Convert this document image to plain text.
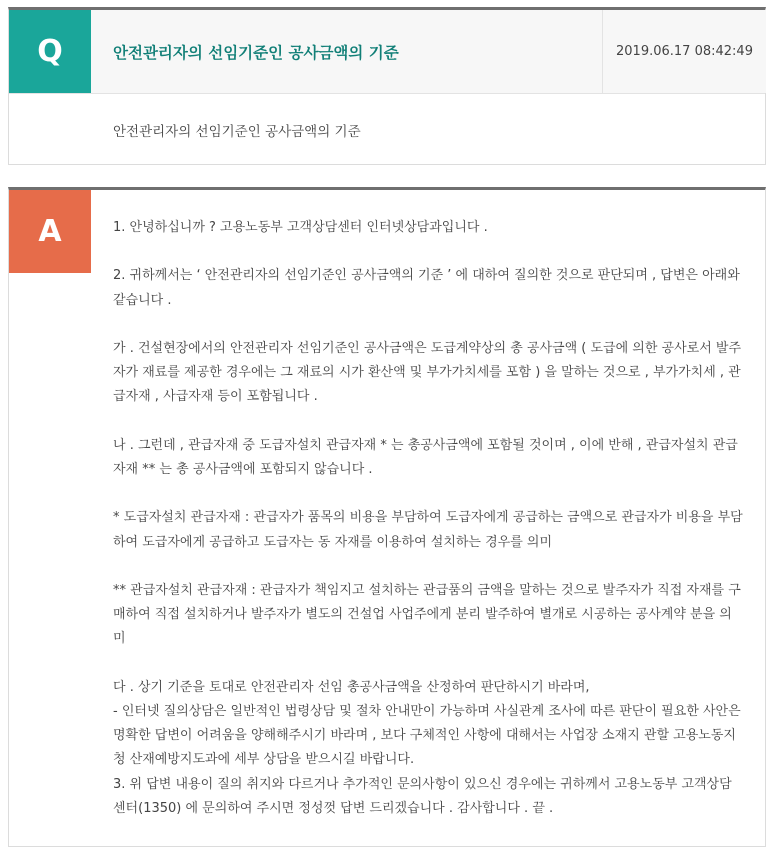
Q	안전관리자의 선임기준인 공사금액의 기준	2019.06.17 08:42:49
안전관리자의 선임기준인 공사금액의 기준
A	1. 안녕하십니까 ? 고용노동부 고객상담센터 인터넷상담과입니다 .

2. 귀하께서는 ‘ 안전관리자의 선임기준인 공사금액의 기준 ’ 에 대하여 질의한 것으로 판단되며 , 답변은 아래와 같습니다 .

가 . 건설현장에서의 안전관리자 선임기준인 공사금액은 도급계약상의 총 공사금액 ( 도급에 의한 공사로서 발주자가 재료를 제공한 경우에는 그 재료의 시가 환산액 및 부가가치세를 포함 ) 을 말하는 것으로 , 부가가치세 , 관급자재 , 사급자재 등이 포함됩니다 .

나 . 그런데 , 관급자재 중 도급자설치 관급자재 * 는 총공사금액에 포함될 것이며 , 이에 반해 , 관급자설치 관급자재 ** 는 총 공사금액에 포함되지 않습니다 .

* 도급자설치 관급자재 : 관급자가 품목의 비용을 부담하여 도급자에게 공급하는 금액으로 관급자가 비용을 부담하여 도급자에게 공급하고 도급자는 동 자재를 이용하여 설치하는 경우를 의미

** 관급자설치 관급자재 : 관급자가 책임지고 설치하는 관급품의 금액을 말하는 것으로 발주자가 직접 자재를 구매하여 직접 설치하거나 발주자가 별도의 건설업 사업주에게 분리 발주하여 별개로 시공하는 공사계약 분을 의미

다 . 상기 기준을 토대로 안전관리자 선임 총공사금액을 산정하여 판단하시기 바라며,

- 인터넷 질의상담은 일반적인 법령상담 및 절차 안내만이 가능하며 사실관계 조사에 따른 판단이 필요한 사안은 명확한 답변이 어려움을 양해해주시기 바라며 , 보다 구체적인 사항에 대해서는 사업장 소재지 관할 고용노동지청 산재예방지도과에 세부 상담을 받으시길 바랍니다.

3. 위 답변 내용이 질의 취지와 다르거나 추가적인 문의사항이 있으신 경우에는 귀하께서 고용노동부 고객상담센터(1350) 에 문의하여 주시면 정성껏 답변 드리겠습니다 . 감사합니다 . 끝 .
